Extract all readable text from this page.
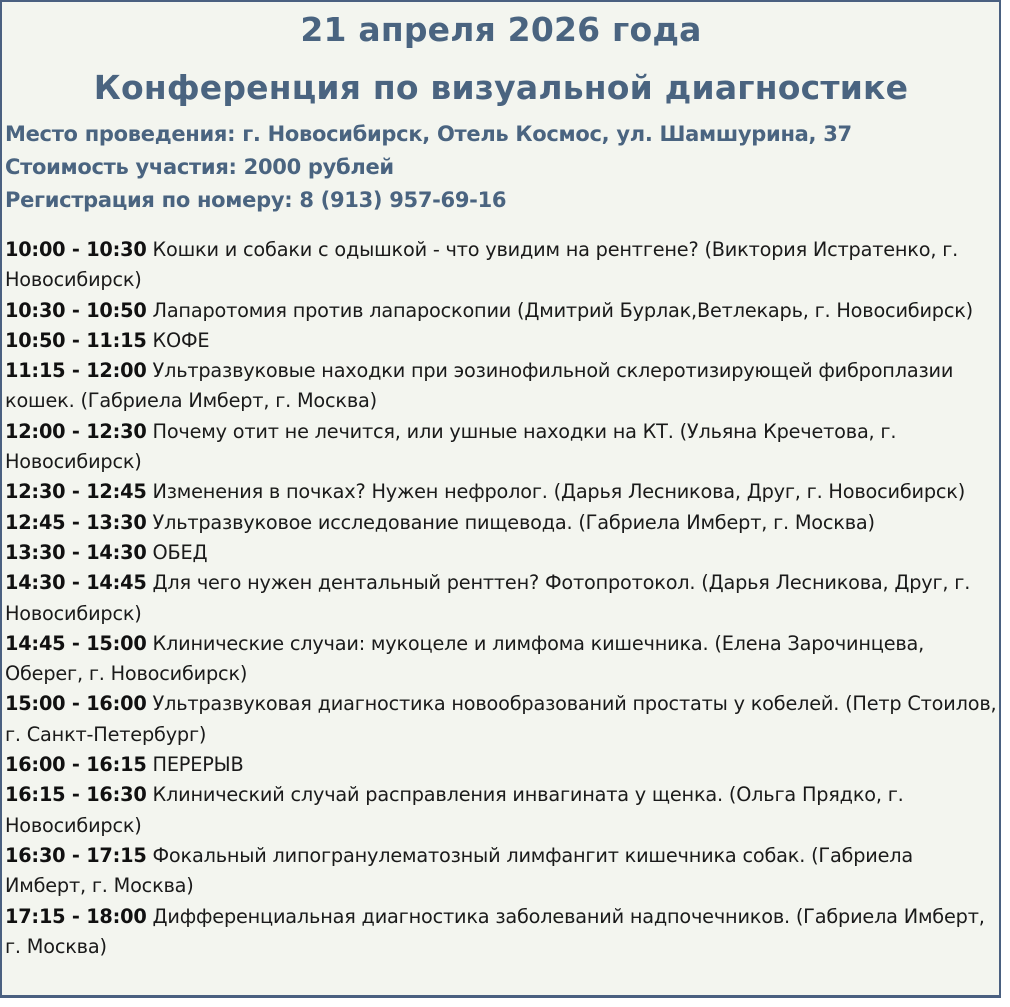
21 апреля 2026 года
Конференция по визуальной диагностике
Место проведения: г. Новосибирск, Отель Космос, ул. Шамшурина, 37
Стоимость участия: 2000 рублей
Регистрация по номеру: 8 (913) 957-69-16

10:00 - 10:30 Кошки и собаки с одышкой - что увидим на рентгене? (Виктория Истратенко, г. Новосибирск)

10:30 - 10:50 Лапаротомия против лапароскопии (Дмитрий Бурлак,Ветлекарь, г. Новосибирск)

10:50 - 11:15 КОФЕ

11:15 - 12:00 Ультразвуковые находки при эозинофильной склеротизирующей фиброплазии кошек. (Габриела Имберт, г. Москва)

12:00 - 12:30 Почему отит не лечится, или ушные находки на КТ. (Ульяна Кречетова, г. Новосибирск)

12:30 - 12:45 Изменения в почках? Нужен нефролог. (Дарья Лесникова, Друг, г. Новосибирск)

12:45 - 13:30 Ультразвуковое исследование пищевода. (Габриела Имберт, г. Москва)

13:30 - 14:30 ОБЕД

14:30 - 14:45 Для чего нужен дентальный ренттен? Фотопротокол. (Дарья Лесникова, Друг, г. Новосибирск)

14:45 - 15:00 Клинические случаи: мукоцеле и лимфома кишечника. (Елена Зарочинцева, Оберег, г. Новосибирск)

15:00 - 16:00 Ультразвуковая диагностика новообразований простаты у кобелей. (Петр Стоилов, г. Санкт-Петербург)

16:00 - 16:15 ПЕРЕРЫВ

16:15 - 16:30 Клинический случай расправления инвагината у щенка. (Ольга Прядко, г. Новосибирск)

16:30 - 17:15 Фокальный липогранулематозный лимфангит кишечника собак. (Габриела Имберт, г. Москва)

17:15 - 18:00 Дифференциальная диагностика заболеваний надпочечников. (Габриела Имберт, г. Москва)
